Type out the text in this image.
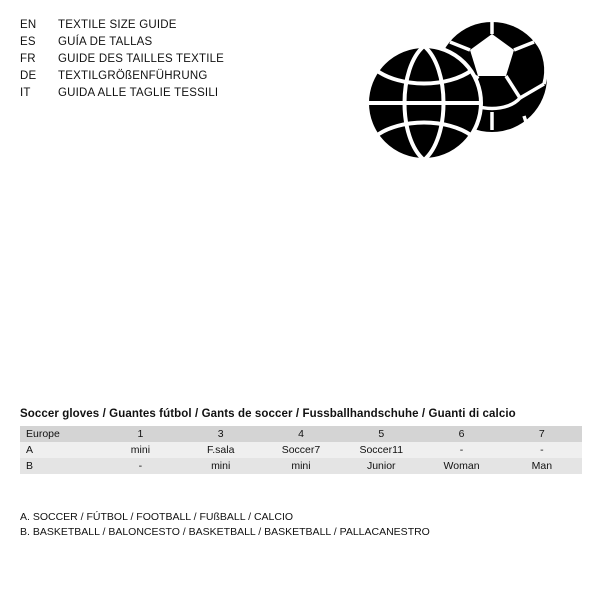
EN	TEXTILE SIZE GUIDE
ES	GUÍA DE TALLAS
FR	GUIDE DES TAILLES TEXTILE
DE	TEXTILGRÖßENFÜHRUNG
IT	GUIDA ALLE TAGLIE TESSILI
Soccer gloves / Guantes fútbol / Gants de soccer / Fussballhandschuhe / Guanti di calcio
Europe	1	3	4	5	6	7
A	mini	F.sala	Soccer7	Soccer11	-	-
B	-	mini	mini	Junior	Woman	Man
A. SOCCER / FÚTBOL / FOOTBALL / FUßBALL / CALCIO
B. BASKETBALL / BALONCESTO / BASKETBALL / BASKETBALL / PALLACANESTRO
